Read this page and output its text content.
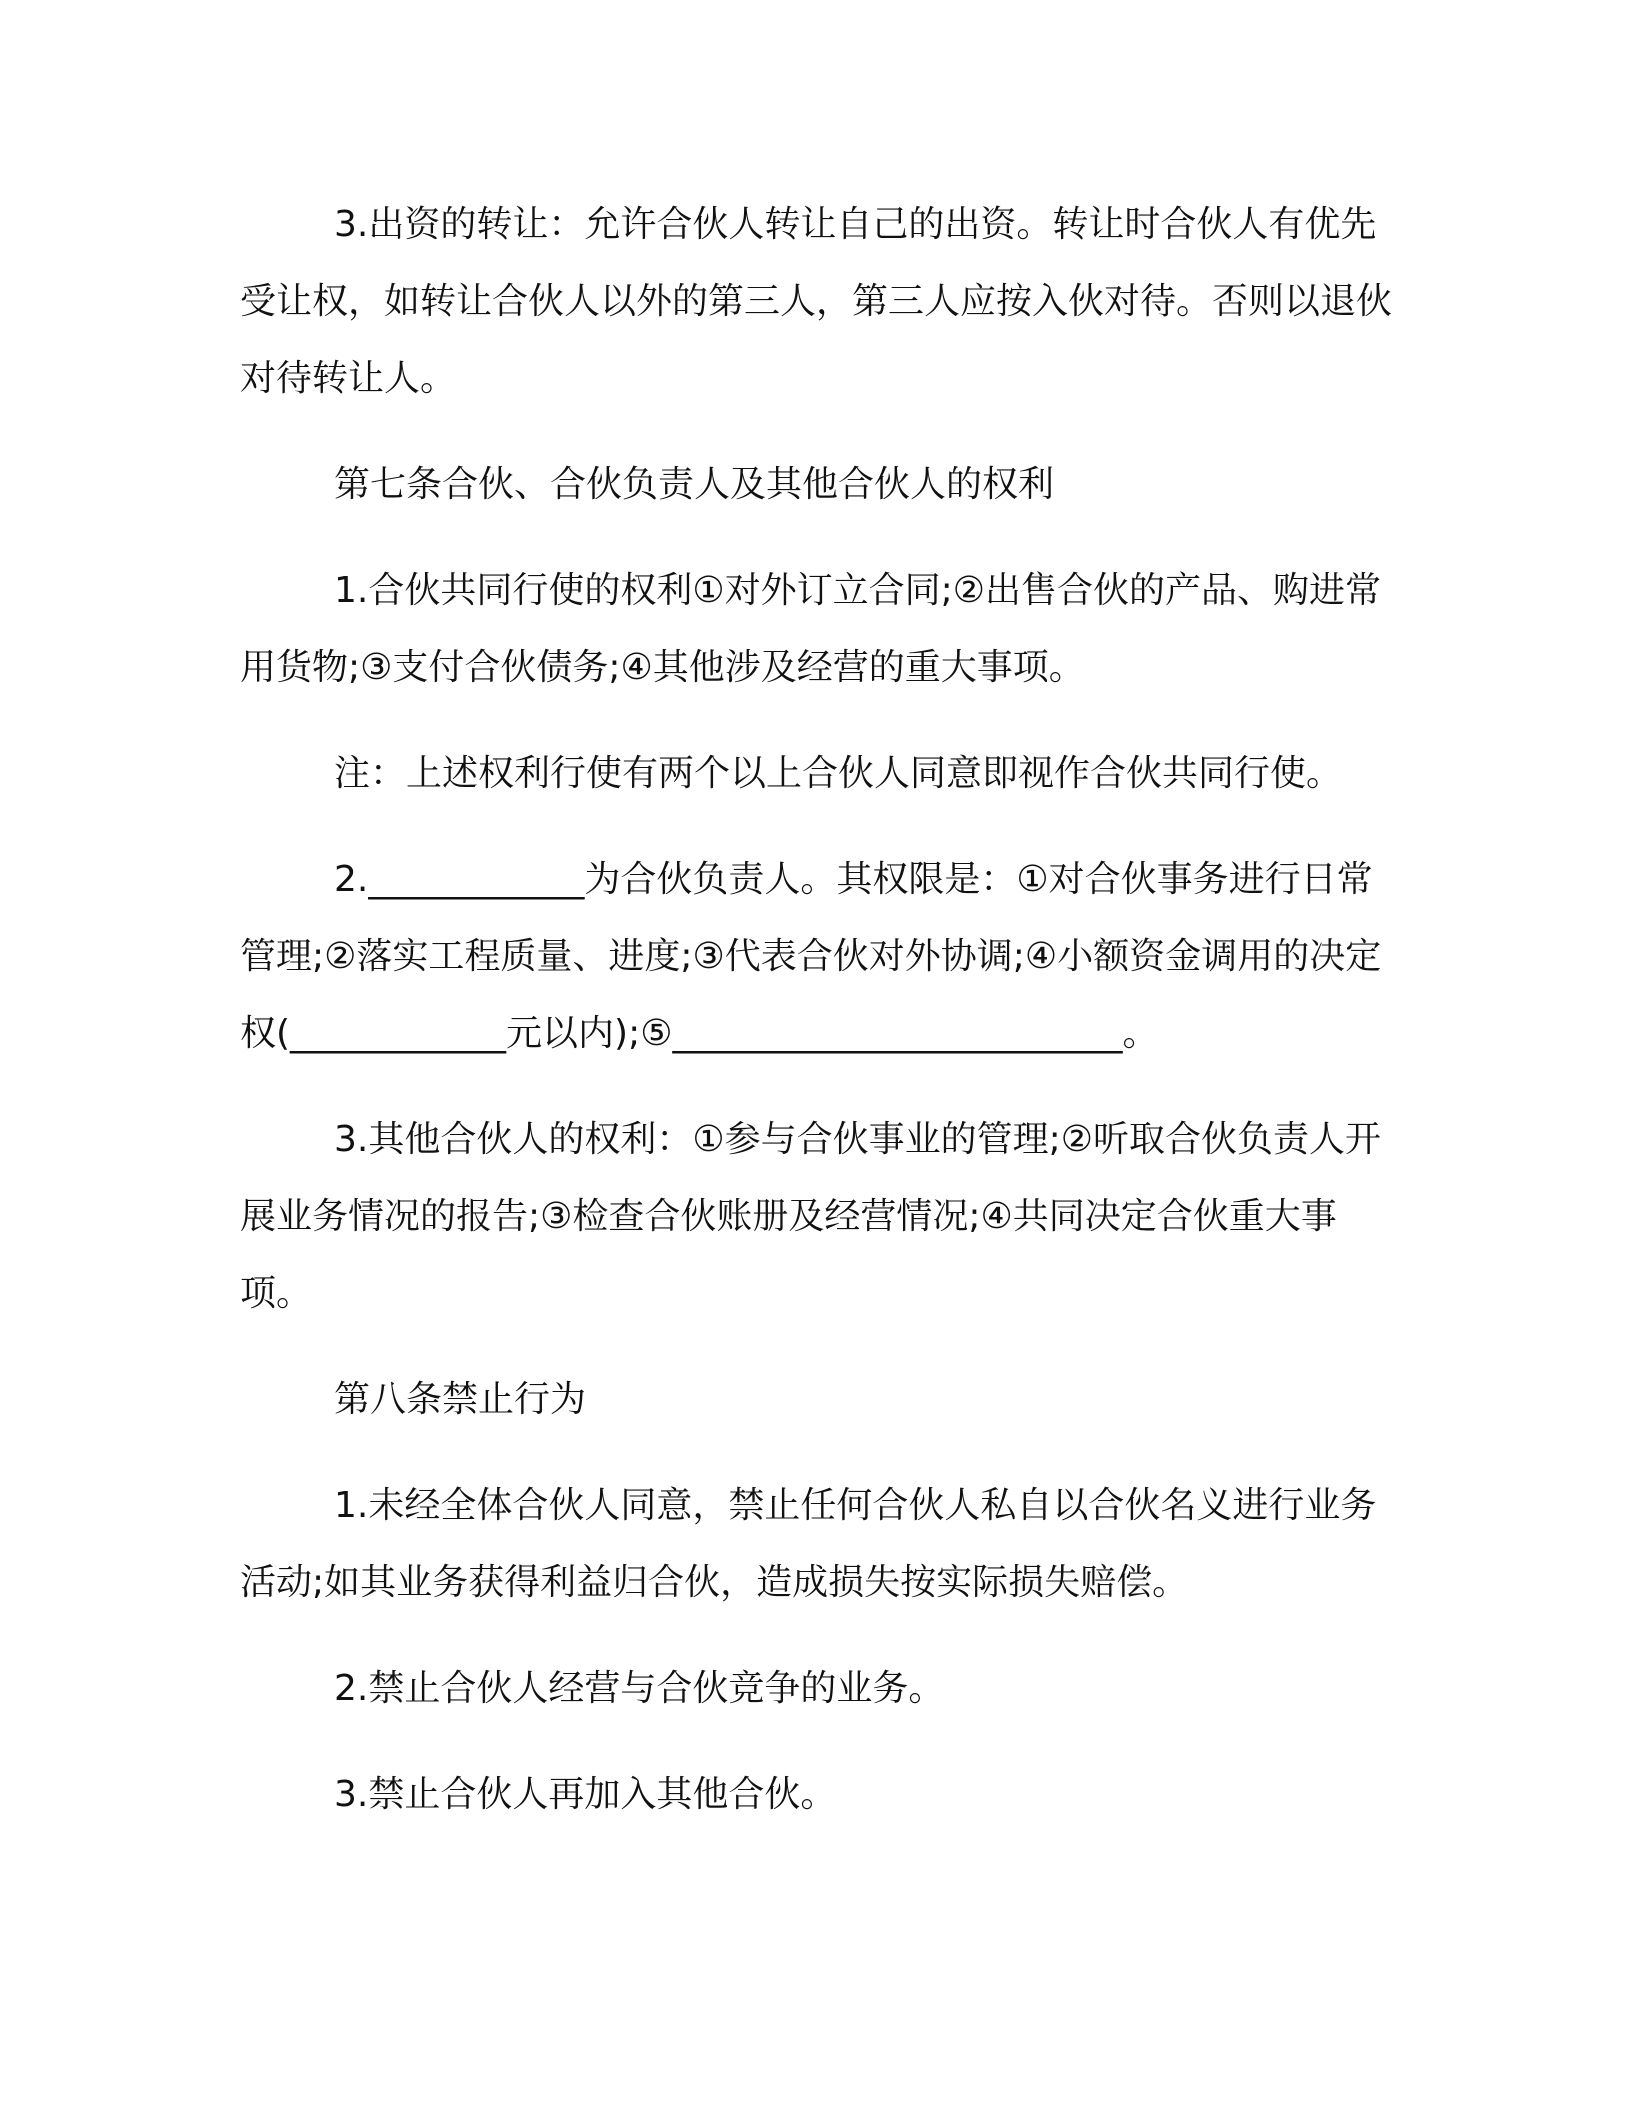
3.出资的转让：允许合伙人转让自己的出资。转让时合伙人有优先受让权，如转让合伙人以外的第三人，第三人应按入伙对待。否则以退伙对待转让人。

第七条合伙、合伙负责人及其他合伙人的权利

1.合伙共同行使的权利①对外订立合同;②出售合伙的产品、购进常用货物;③支付合伙债务;④其他涉及经营的重大事项。

注：上述权利行使有两个以上合伙人同意即视作合伙共同行使。

2.____________为合伙负责人。其权限是：①对合伙事务进行日常管理;②落实工程质量、进度;③代表合伙对外协调;④小额资金调用的决定权(____________元以内);⑤_________________________。

3.其他合伙人的权利：①参与合伙事业的管理;②听取合伙负责人开展业务情况的报告;③检查合伙账册及经营情况;④共同决定合伙重大事项。

第八条禁止行为

1.未经全体合伙人同意，禁止任何合伙人私自以合伙名义进行业务活动;如其业务获得利益归合伙，造成损失按实际损失赔偿。

2.禁止合伙人经营与合伙竞争的业务。

3.禁止合伙人再加入其他合伙。
